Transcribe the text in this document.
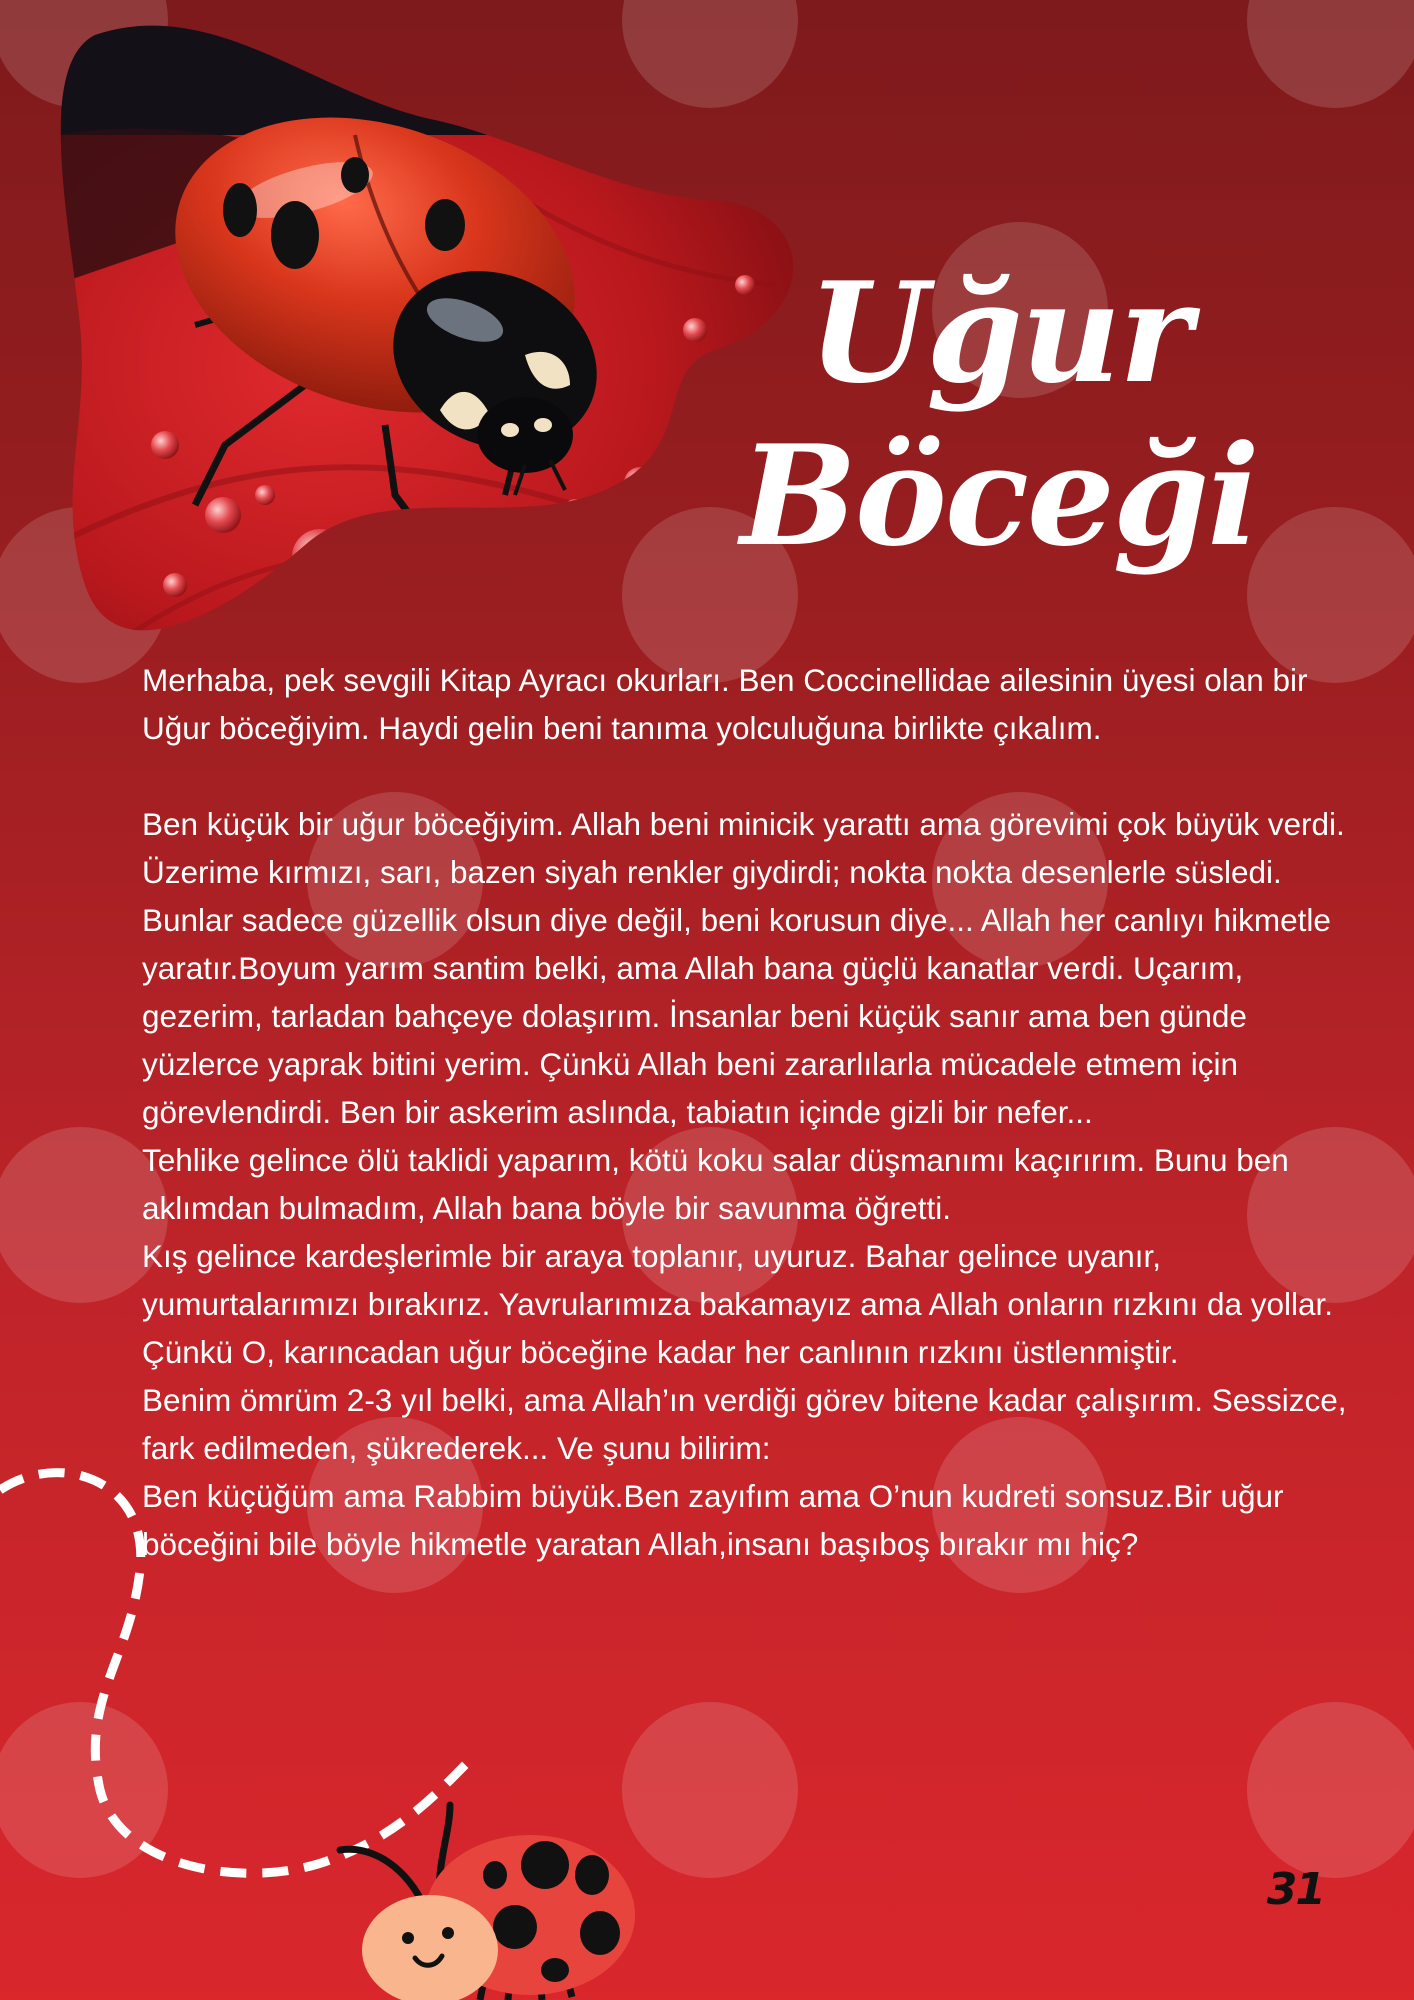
Uğur
Böceği

Merhaba, pek sevgili Kitap Ayracı okurları. Ben Coccinellidae ailesinin üyesi olan bir Uğur böceğiyim. Haydi gelin beni tanıma yolculuğuna birlikte çıkalım.

Ben küçük bir uğur böceğiyim. Allah beni minicik yarattı ama görevimi çok büyük verdi. Üzerime kırmızı, sarı, bazen siyah renkler giydirdi; nokta nokta desenlerle süsledi. Bunlar sadece güzellik olsun diye değil, beni korusun diye... Allah her canlıyı hikmetle yaratır.Boyum yarım santim belki, ama Allah bana güçlü kanatlar verdi. Uçarım, gezerim, tarladan bahçeye dolaşırım. İnsanlar beni küçük sanır ama ben günde yüzlerce yaprak bitini yerim. Çünkü Allah beni zararlılarla mücadele etmem için görevlendirdi. Ben bir askerim aslında, tabiatın içinde gizli bir nefer...

Tehlike gelince ölü taklidi yaparım, kötü koku salar düşmanımı kaçırırım. Bunu ben aklımdan bulmadım, Allah bana böyle bir savunma öğretti.

Kış gelince kardeşlerimle bir araya toplanır, uyuruz. Bahar gelince uyanır, yumurtalarımızı bırakırız. Yavrularımıza bakamayız ama Allah onların rızkını da yollar. Çünkü O, karıncadan uğur böceğine kadar her canlının rızkını üstlenmiştir.

Benim ömrüm 2-3 yıl belki, ama Allah’ın verdiği görev bitene kadar çalışırım. Sessizce, fark edilmeden, şükrederek... Ve şunu bilirim:

Ben küçüğüm ama Rabbim büyük.Ben zayıfım ama O’nun kudreti sonsuz.Bir uğur böceğini bile böyle hikmetle yaratan Allah,insanı başıboş bırakır mı hiç?

31
